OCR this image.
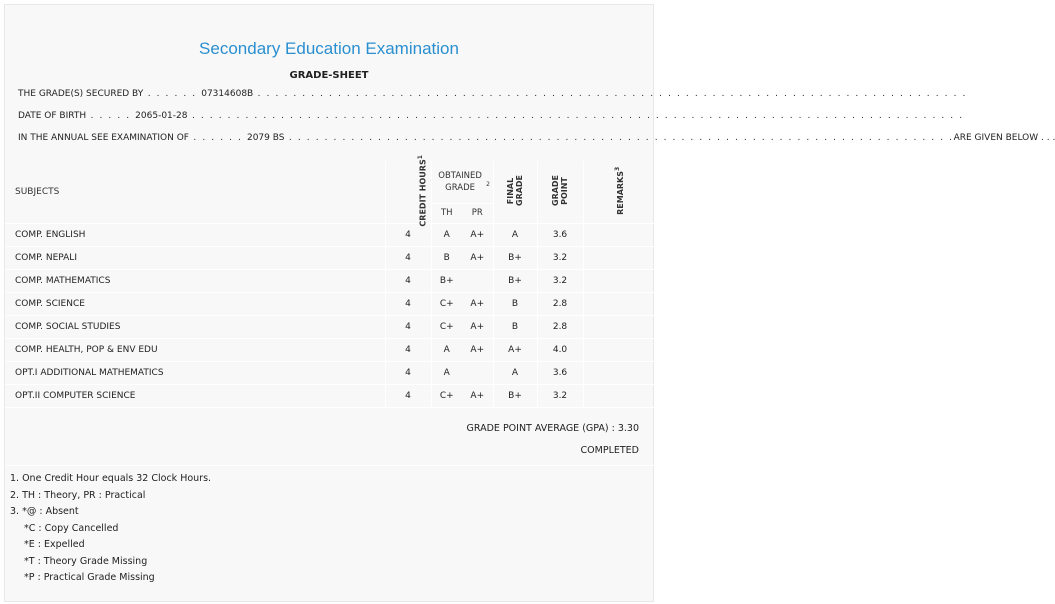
Secondary Education Examination
GRADE-SHEET
THE GRADE(S) SECURED BY . . . . . . 07314608B . . . . . . . . . . . . . . . . . . . . . . . . . . . . . . . . . . . . . . . . . . . . . . . . . . . . . . . . . . . . . . . . . . . . . . . . . . . . . . . .
DATE OF BIRTH . . . . . 2065-01-28 . . . . . . . . . . . . . . . . . . . . . . . . . . . . . . . . . . . . . . . . . . . . . . . . . . . . . . . . . . . . . . . . . . . . . . . . . . . . . . . . . . . . . . .
IN THE ANNUAL SEE EXAMINATION OF . . . . . . 2079 BS . . . . . . . . . . . . . . . . . . . . . . . . . . . . . . . . . . . . . . . . . . . . . . . . . . . . . . . . . . . . . . . . . . . . . . . . . . . ARE GIVEN BELOW . . .
SUBJECTS	CREDIT HOURS$^1$	OBTAINED GRADE $^2$		FINAL GRADE	GRADE POINT	REMARKS$^3$
		TH	PR			
COMP. ENGLISH	4	A	A+	A	3.6	
COMP. NEPALI	4	B	A+	B+	3.2	
COMP. MATHEMATICS	4	B+		B+	3.2	
COMP. SCIENCE	4	C+	A+	B	2.8	
COMP. SOCIAL STUDIES	4	C+	A+	B	2.8	
COMP. HEALTH, POP & ENV EDU	4	A	A+	A+	4.0	
OPT.I ADDITIONAL MATHEMATICS	4	A		A	3.6	
OPT.II COMPUTER SCIENCE	4	C+	A+	B+	3.2	
GRADE POINT AVERAGE (GPA) : 3.30
COMPLETED
1. One Credit Hour equals 32 Clock Hours.
2. TH : Theory, PR : Practical
3. *@ : Absent
*C : Copy Cancelled
*E : Expelled
*T : Theory Grade Missing
*P : Practical Grade Missing
